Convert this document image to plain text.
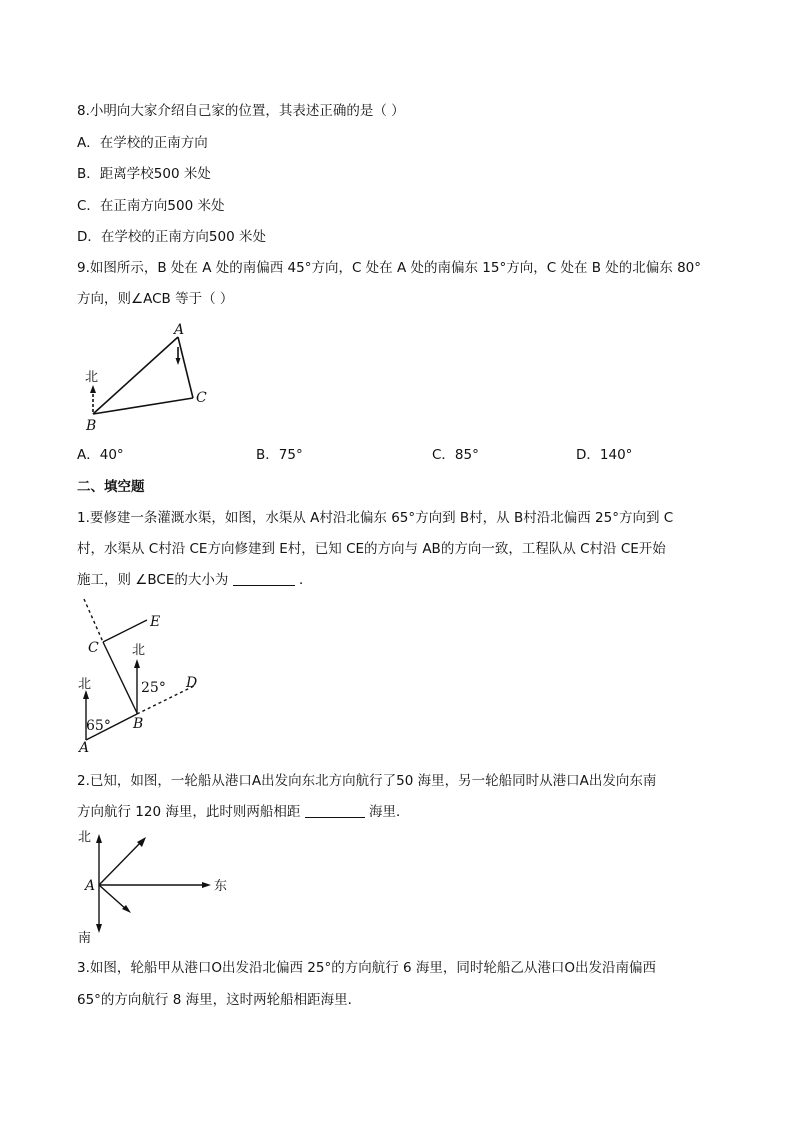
8.小明向大家介绍自己家的位置，其表述正确的是（ ）
A．在学校的正南方向
B．距离学校500 米处
C．在正南方向500 米处
D．在学校的正南方向500 米处
9.如图所示，B 处在 A 处的南偏西 45°方向，C 处在 A 处的南偏东 15°方向，C 处在 B 处的北偏东 80°
方向，则∠ACB 等于（ ）
A
B
C
北
A．40°	B．75°	C．85°	D．140°
二、填空题
1.要修建一条灌溉水渠，如图，水渠从 A村沿北偏东 65°方向到 B村，从 B村沿北偏西 25°方向到 C
村，水渠从 C村沿 CE方向修建到 E村，已知 CE的方向与 AB的方向一致，工程队从 C村沿 CE开始
施工，则 ∠BCE的大小为	．
E
C	北
北	25° D
65° B
A
2.已知，如图，一轮船从港口A出发向东北方向航行了50 海里，另一轮船同时从港口A出发向东南
方向航行 120 海里，此时则两船相距	海里．
北
A	东
南
3.如图，轮船甲从港口O出发沿北偏西 25°的方向航行 6 海里，同时轮船乙从港口O出发沿南偏西
65°的方向航行 8 海里，这时两轮船相距海里．
